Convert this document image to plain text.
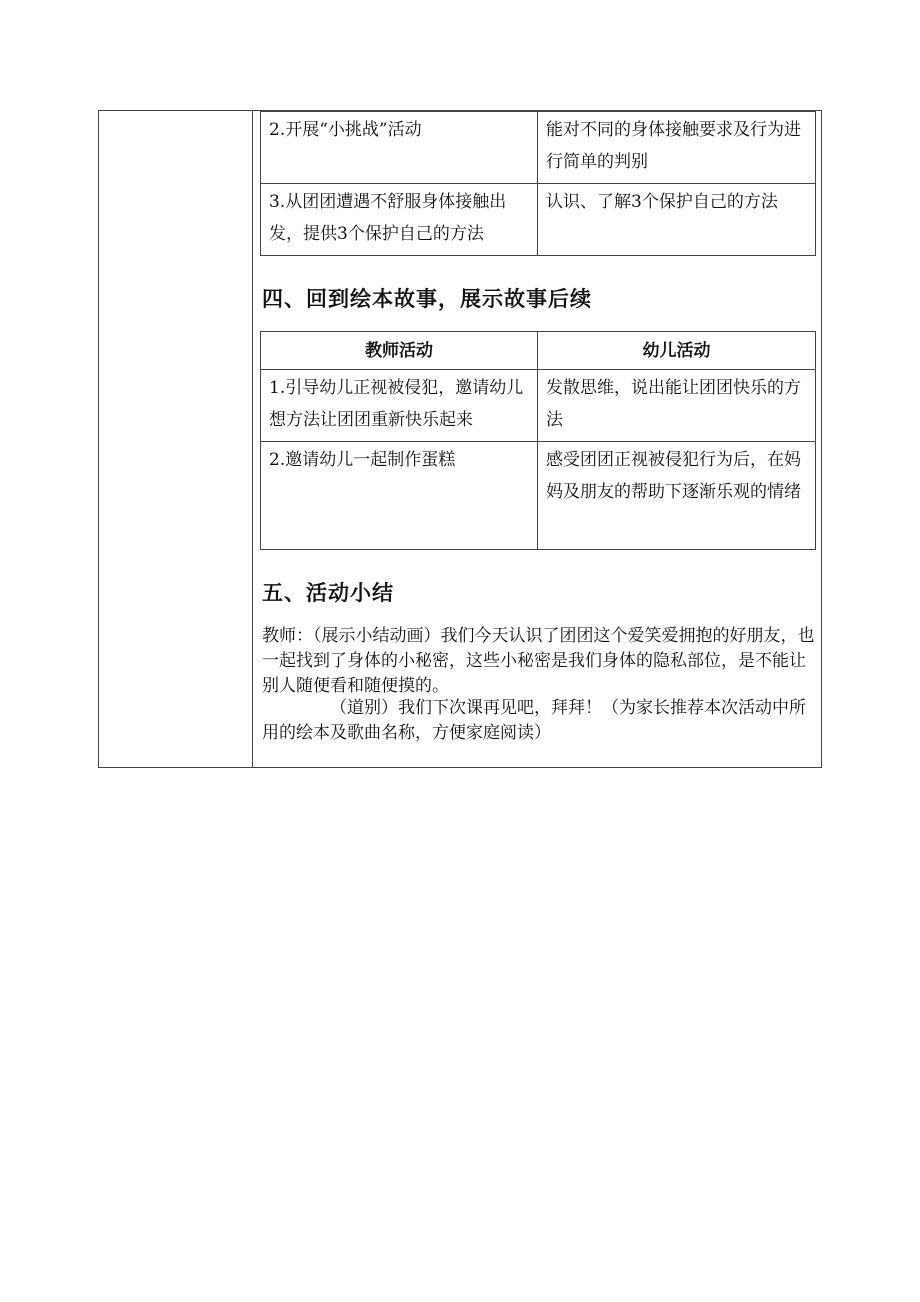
2.开展“小挑战”活动	能对不同的身体接触要求及行为进行简单的判别
3.从团团遭遇不舒服身体接触出发，提供3个保护自己的方法	认识、了解3个保护自己的方法
四、回到绘本故事，展示故事后续
教师活动	幼儿活动
1.引导幼儿正视被侵犯，邀请幼儿想方法让团团重新快乐起来	发散思维，说出能让团团快乐的方法
2.邀请幼儿一起制作蛋糕	感受团团正视被侵犯行为后，在妈妈及朋友的帮助下逐渐乐观的情绪
五、活动小结
教师：（展示小结动画）我们今天认识了团团这个爱笑爱拥抱的好朋友，也一起找到了身体的小秘密，这些小秘密是我们身体的隐私部位，是不能让别人随便看和随便摸的。
（道别）我们下次课再见吧，拜拜！（为家长推荐本次活动中所用的绘本及歌曲名称，方便家庭阅读）
